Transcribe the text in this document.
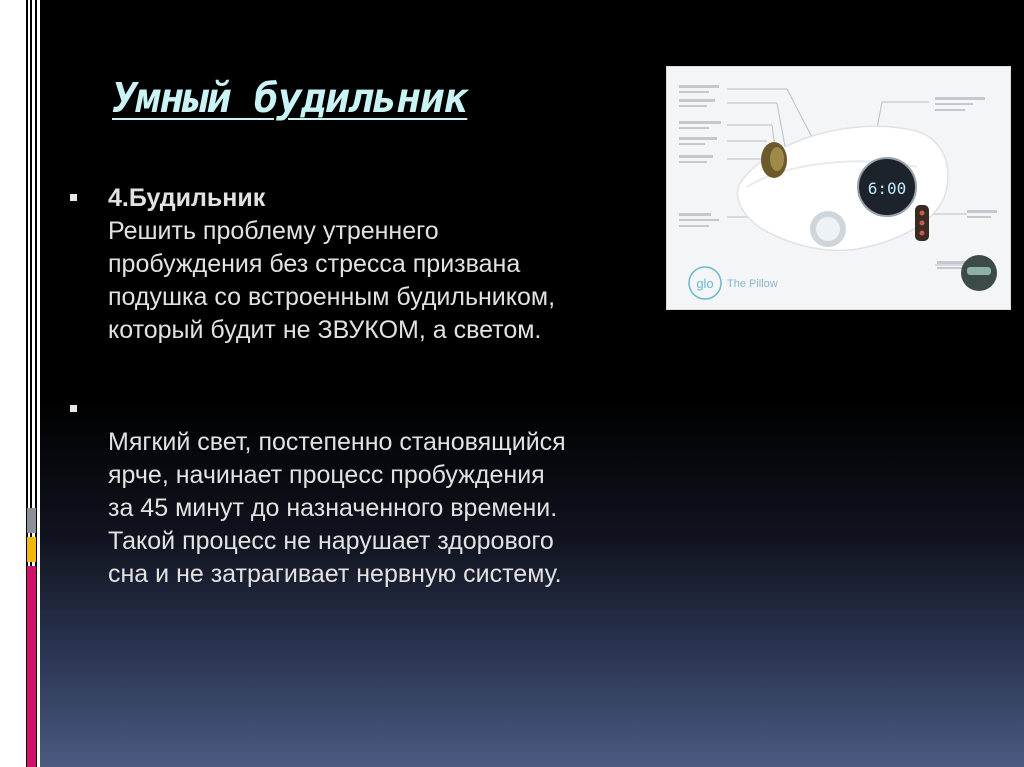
Умный будильник
4.Будильник
Решить проблему утреннего
пробуждения без стресса призвана
подушка со встроенным будильником,
который будит не ЗВУКОМ, а светом.
Мягкий свет, постепенно становящийся
ярче, начинает процесс пробуждения
за 45 минут до назначенного времени.
Такой процесс не нарушает здорового
сна и не затрагивает нервную систему.
6:00
glo The Pillow
